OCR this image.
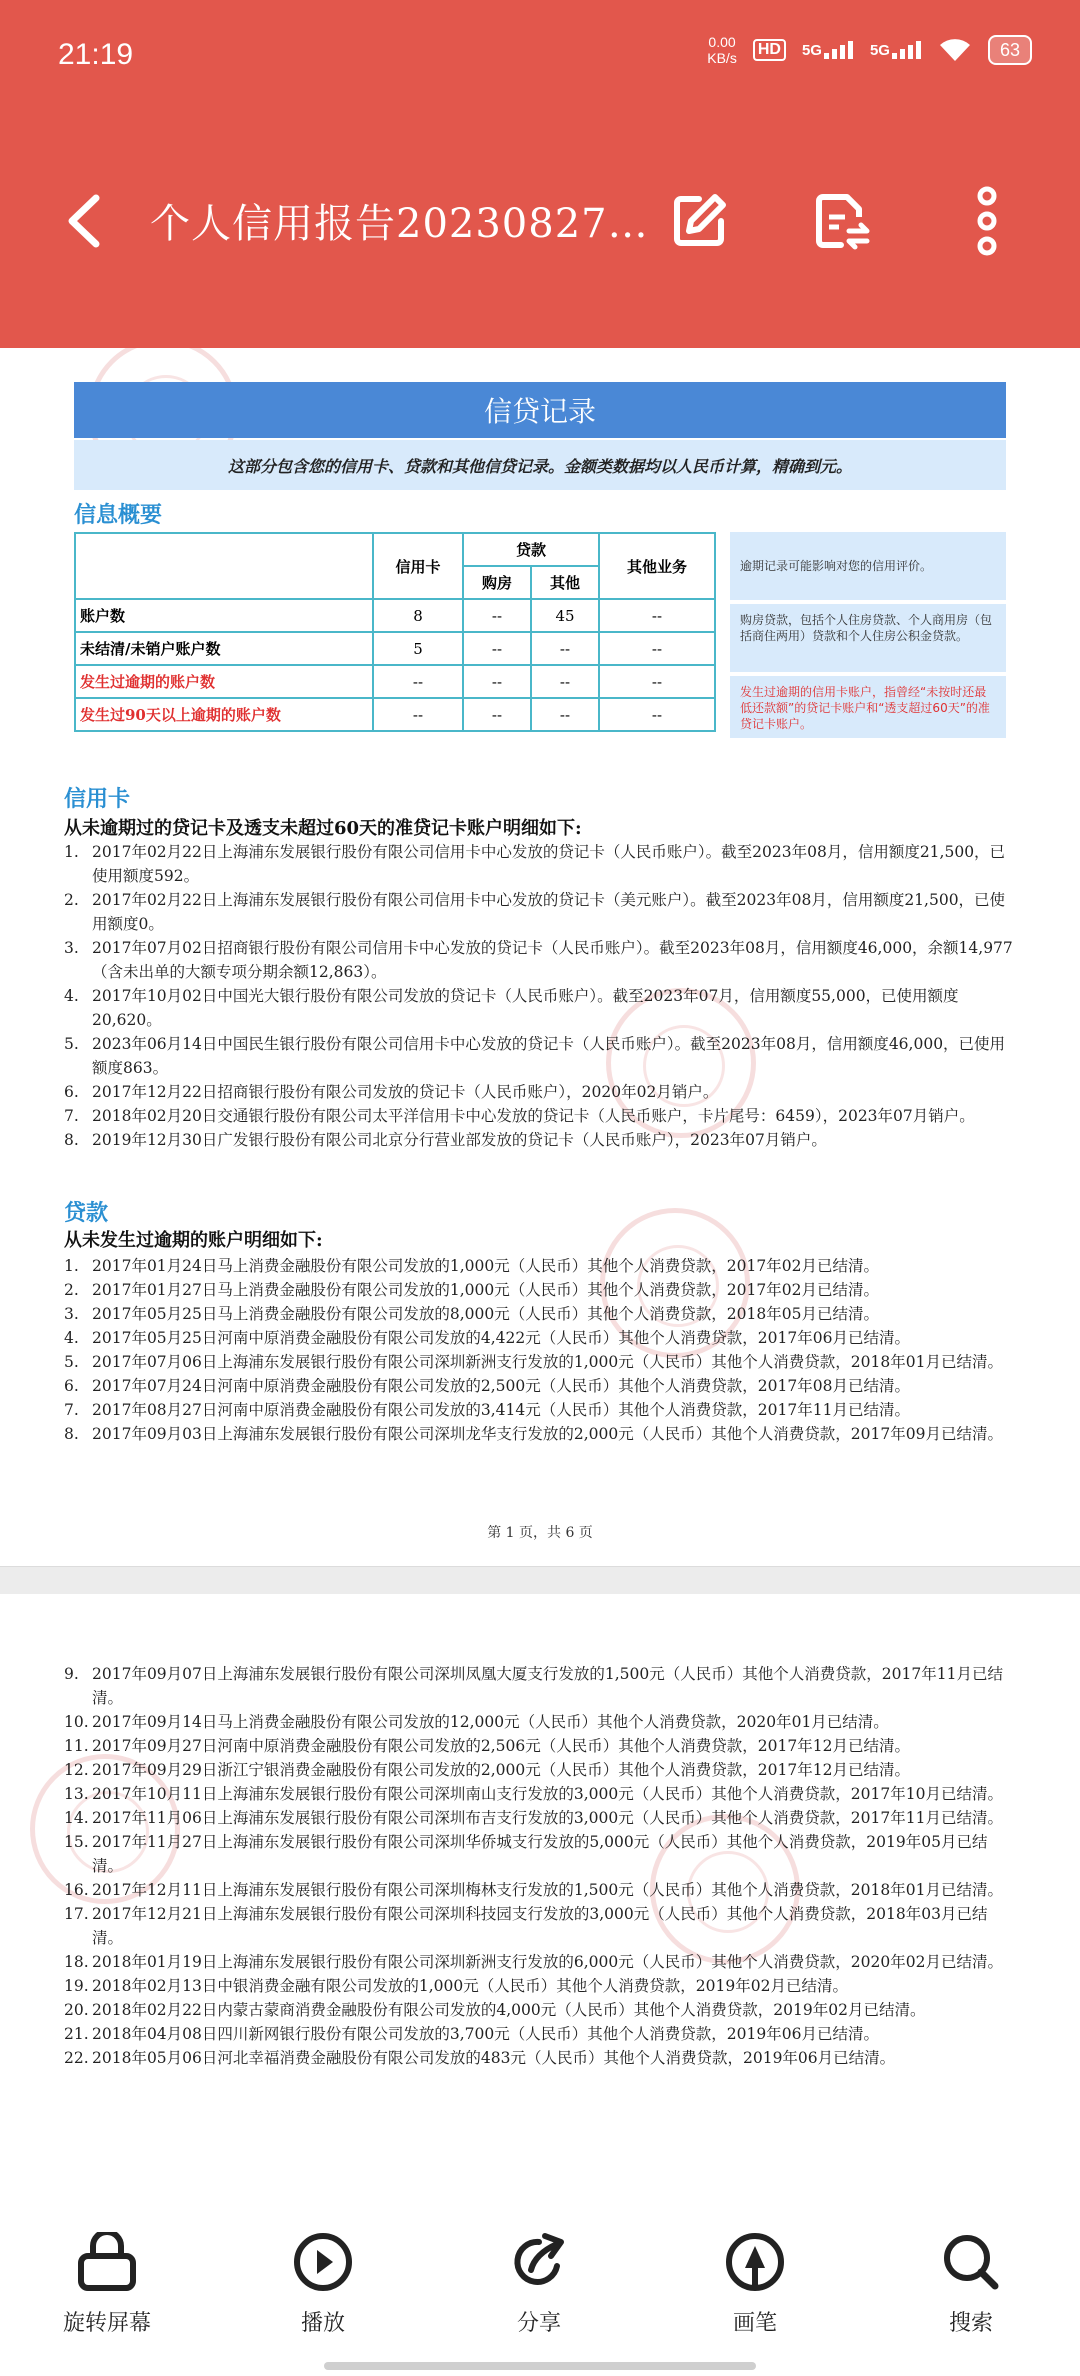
21:19	0.00
KB/s	HD	5G	5G	63
个人信用报告20230827…
信贷记录
这部分包含您的信用卡、贷款和其他信贷记录。金额类数据均以人民币计算，精确到元。
信息概要
	信用卡	贷款		其他业务
		购房	其他	
账户数	8	--	45	--
未结清/未销户账户数	5	--	--	--
发生过逾期的账户数	--	--	--	--
发生过90天以上逾期的账户数	--	--	--	--
逾期记录可能影响对您的信用评价。
购房贷款，包括个人住房贷款、个人商用房（包括商住两用）贷款和个人住房公积金贷款。
发生过逾期的信用卡账户，指曾经“未按时还最低还款额”的贷记卡账户和“透支超过60天”的准贷记卡账户。
信用卡
从未逾期过的贷记卡及透支未超过60天的准贷记卡账户明细如下:
1. 2017年02月22日上海浦东发展银行股份有限公司信用卡中心发放的贷记卡（人民币账户）。截至2023年08月，信用额度21,500，已使用额度592。
2. 2017年02月22日上海浦东发展银行股份有限公司信用卡中心发放的贷记卡（美元账户）。截至2023年08月，信用额度21,500，已使用额度0。
3. 2017年07月02日招商银行股份有限公司信用卡中心发放的贷记卡（人民币账户）。截至2023年08月，信用额度46,000，余额14,977（含未出单的大额专项分期余额12,863）。
4. 2017年10月02日中国光大银行股份有限公司发放的贷记卡（人民币账户）。截至2023年07月，信用额度55,000，已使用额度20,620。
5. 2023年06月14日中国民生银行股份有限公司信用卡中心发放的贷记卡（人民币账户）。截至2023年08月，信用额度46,000，已使用额度863。
6. 2017年12月22日招商银行股份有限公司发放的贷记卡（人民币账户），2020年02月销户。
7. 2018年02月20日交通银行股份有限公司太平洋信用卡中心发放的贷记卡（人民币账户，卡片尾号：6459），2023年07月销户。
8. 2019年12月30日广发银行股份有限公司北京分行营业部发放的贷记卡（人民币账户），2023年07月销户。
贷款
从未发生过逾期的账户明细如下:
1. 2017年01月24日马上消费金融股份有限公司发放的1,000元（人民币）其他个人消费贷款，2017年02月已结清。
2. 2017年01月27日马上消费金融股份有限公司发放的1,000元（人民币）其他个人消费贷款，2017年02月已结清。
3. 2017年05月25日马上消费金融股份有限公司发放的8,000元（人民币）其他个人消费贷款，2018年05月已结清。
4. 2017年05月25日河南中原消费金融股份有限公司发放的4,422元（人民币）其他个人消费贷款，2017年06月已结清。
5. 2017年07月06日上海浦东发展银行股份有限公司深圳新洲支行发放的1,000元（人民币）其他个人消费贷款，2018年01月已结清。
6. 2017年07月24日河南中原消费金融股份有限公司发放的2,500元（人民币）其他个人消费贷款，2017年08月已结清。
7. 2017年08月27日河南中原消费金融股份有限公司发放的3,414元（人民币）其他个人消费贷款，2017年11月已结清。
8. 2017年09月03日上海浦东发展银行股份有限公司深圳龙华支行发放的2,000元（人民币）其他个人消费贷款，2017年09月已结清。
第 1 页，共 6 页
9. 2017年09月07日上海浦东发展银行股份有限公司深圳凤凰大厦支行发放的1,500元（人民币）其他个人消费贷款，2017年11月已结清。
10. 2017年09月14日马上消费金融股份有限公司发放的12,000元（人民币）其他个人消费贷款，2020年01月已结清。
11. 2017年09月27日河南中原消费金融股份有限公司发放的2,506元（人民币）其他个人消费贷款，2017年12月已结清。
12. 2017年09月29日浙江宁银消费金融股份有限公司发放的2,000元（人民币）其他个人消费贷款，2017年12月已结清。
13. 2017年10月11日上海浦东发展银行股份有限公司深圳南山支行发放的3,000元（人民币）其他个人消费贷款，2017年10月已结清。
14. 2017年11月06日上海浦东发展银行股份有限公司深圳布吉支行发放的3,000元（人民币）其他个人消费贷款，2017年11月已结清。
15. 2017年11月27日上海浦东发展银行股份有限公司深圳华侨城支行发放的5,000元（人民币）其他个人消费贷款，2019年05月已结清。
16. 2017年12月11日上海浦东发展银行股份有限公司深圳梅林支行发放的1,500元（人民币）其他个人消费贷款，2018年01月已结清。
17. 2017年12月21日上海浦东发展银行股份有限公司深圳科技园支行发放的3,000元（人民币）其他个人消费贷款，2018年03月已结清。
18. 2018年01月19日上海浦东发展银行股份有限公司深圳新洲支行发放的6,000元（人民币）其他个人消费贷款，2020年02月已结清。
19. 2018年02月13日中银消费金融有限公司发放的1,000元（人民币）其他个人消费贷款，2019年02月已结清。
20. 2018年02月22日内蒙古蒙商消费金融股份有限公司发放的4,000元（人民币）其他个人消费贷款，2019年02月已结清。
21. 2018年04月08日四川新网银行股份有限公司发放的3,700元（人民币）其他个人消费贷款，2019年06月已结清。
22. 2018年05月06日河北幸福消费金融股份有限公司发放的483元（人民币）其他个人消费贷款，2019年06月已结清。
旋转屏幕	播放	分享	画笔	搜索
